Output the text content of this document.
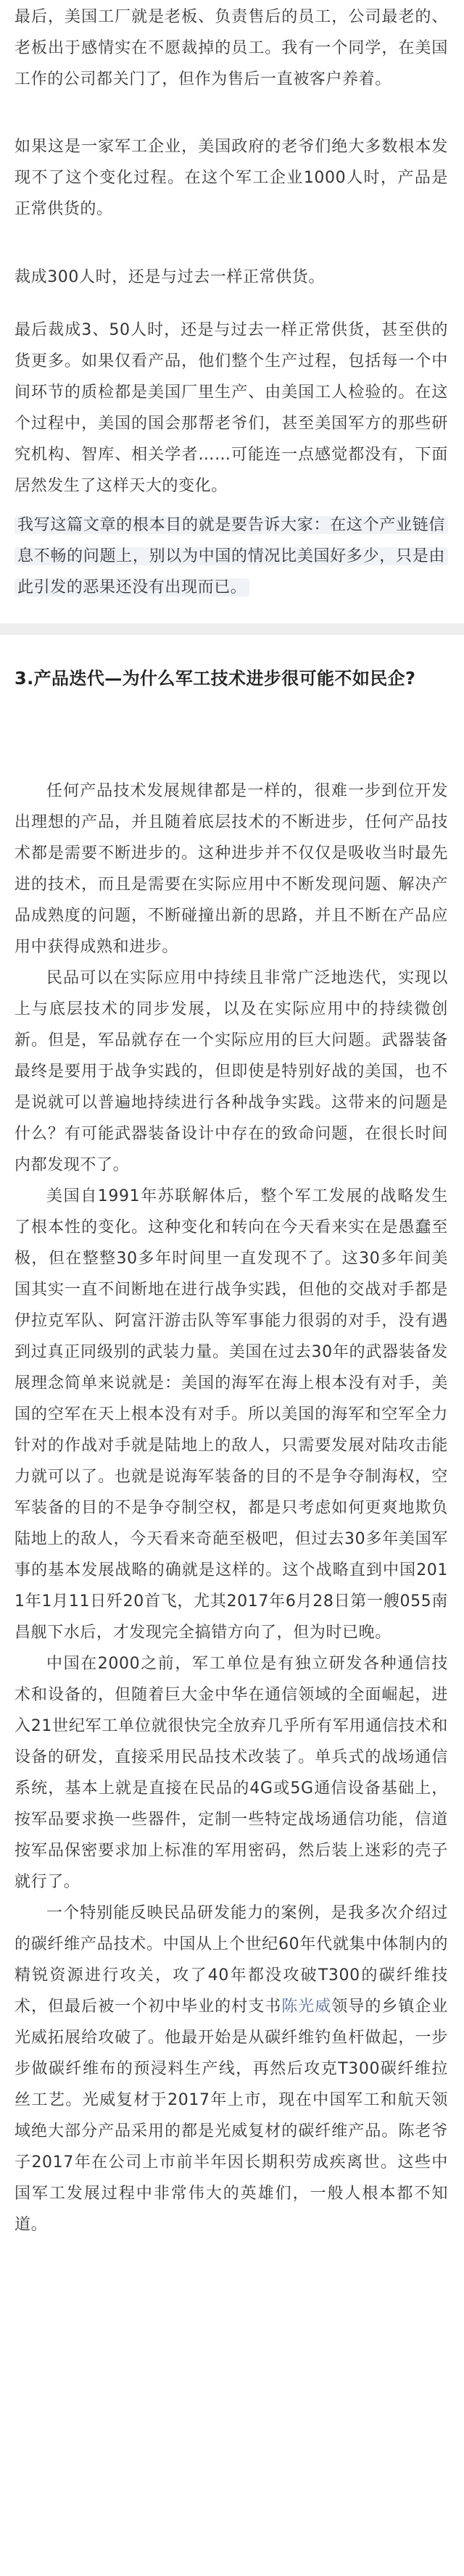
最后，美国工厂就是老板、负责售后的员工，公司最老的、老板出于感情实在不愿裁掉的员工。我有一个同学，在美国工作的公司都关门了，但作为售后一直被客户养着。

如果这是一家军工企业，美国政府的老爷们绝大多数根本发现不了这个变化过程。在这个军工企业1000人时，产品是正常供货的。

裁成300人时，还是与过去一样正常供货。

最后裁成3、50人时，还是与过去一样正常供货，甚至供的货更多。如果仅看产品，他们整个生产过程，包括每一个中间环节的质检都是美国厂里生产、由美国工人检验的。在这个过程中，美国的国会那帮老爷们，甚至美国军方的那些研究机构、智库、相关学者……可能连一点感觉都没有，下面居然发生了这样天大的变化。

我写这篇文章的根本目的就是要告诉大家：在这个产业链信息不畅的问题上，别以为中国的情况比美国好多少，只是由此引发的恶果还没有出现而已。

3.产品迭代—为什么军工技术进步很可能不如民企?

任何产品技术发展规律都是一样的，很难一步到位开发出理想的产品，并且随着底层技术的不断进步，任何产品技术都是需要不断进步的。这种进步并不仅仅是吸收当时最先进的技术，而且是需要在实际应用中不断发现问题、解决产品成熟度的问题，不断碰撞出新的思路，并且不断在产品应用中获得成熟和进步。

民品可以在实际应用中持续且非常广泛地迭代，实现以上与底层技术的同步发展，以及在实际应用中的持续微创新。但是，军品就存在一个实际应用的巨大问题。武器装备最终是要用于战争实践的，但即使是特别好战的美国，也不是说就可以普遍地持续进行各种战争实践。这带来的问题是什么？有可能武器装备设计中存在的致命问题，在很长时间内都发现不了。

美国自1991年苏联解体后，整个军工发展的战略发生了根本性的变化。这种变化和转向在今天看来实在是愚蠢至极，但在整整30多年时间里一直发现不了。这30多年间美国其实一直不间断地在进行战争实践，但他的交战对手都是伊拉克军队、阿富汗游击队等军事能力很弱的对手，没有遇到过真正同级别的武装力量。美国在过去30年的武器装备发展理念简单来说就是：美国的海军在海上根本没有对手，美国的空军在天上根本没有对手。所以美国的海军和空军全力针对的作战对手就是陆地上的敌人，只需要发展对陆攻击能力就可以了。也就是说海军装备的目的不是争夺制海权，空军装备的目的不是争夺制空权，都是只考虑如何更爽地欺负陆地上的敌人，今天看来奇葩至极吧，但过去30多年美国军事的基本发展战略的确就是这样的。这个战略直到中国2011年1月11日歼20首飞，尤其2017年6月28日第一艘055南昌舰下水后，才发现完全搞错方向了，但为时已晚。

中国在2000之前，军工单位是有独立研发各种通信技术和设备的，但随着巨大金中华在通信领域的全面崛起，进入21世纪军工单位就很快完全放弃几乎所有军用通信技术和设备的研发，直接采用民品技术改装了。单兵式的战场通信系统，基本上就是直接在民品的4G或5G通信设备基础上，按军品要求换一些器件，定制一些特定战场通信功能，信道按军品保密要求加上标准的军用密码，然后装上迷彩的壳子就行了。

一个特别能反映民品研发能力的案例，是我多次介绍过的碳纤维产品技术。中国从上个世纪60年代就集中体制内的精锐资源进行攻关，攻了40年都没攻破T300的碳纤维技术，但最后被一个初中毕业的村支书陈光威领导的乡镇企业光威拓展给攻破了。他最开始是从碳纤维钓鱼杆做起，一步步做碳纤维布的预浸料生产线，再然后攻克T300碳纤维拉丝工艺。光威复材于2017年上市，现在中国军工和航天领域绝大部分产品采用的都是光威复材的碳纤维产品。陈老爷子2017年在公司上市前半年因长期积劳成疾离世。这些中国军工发展过程中非常伟大的英雄们，一般人根本都不知道。
